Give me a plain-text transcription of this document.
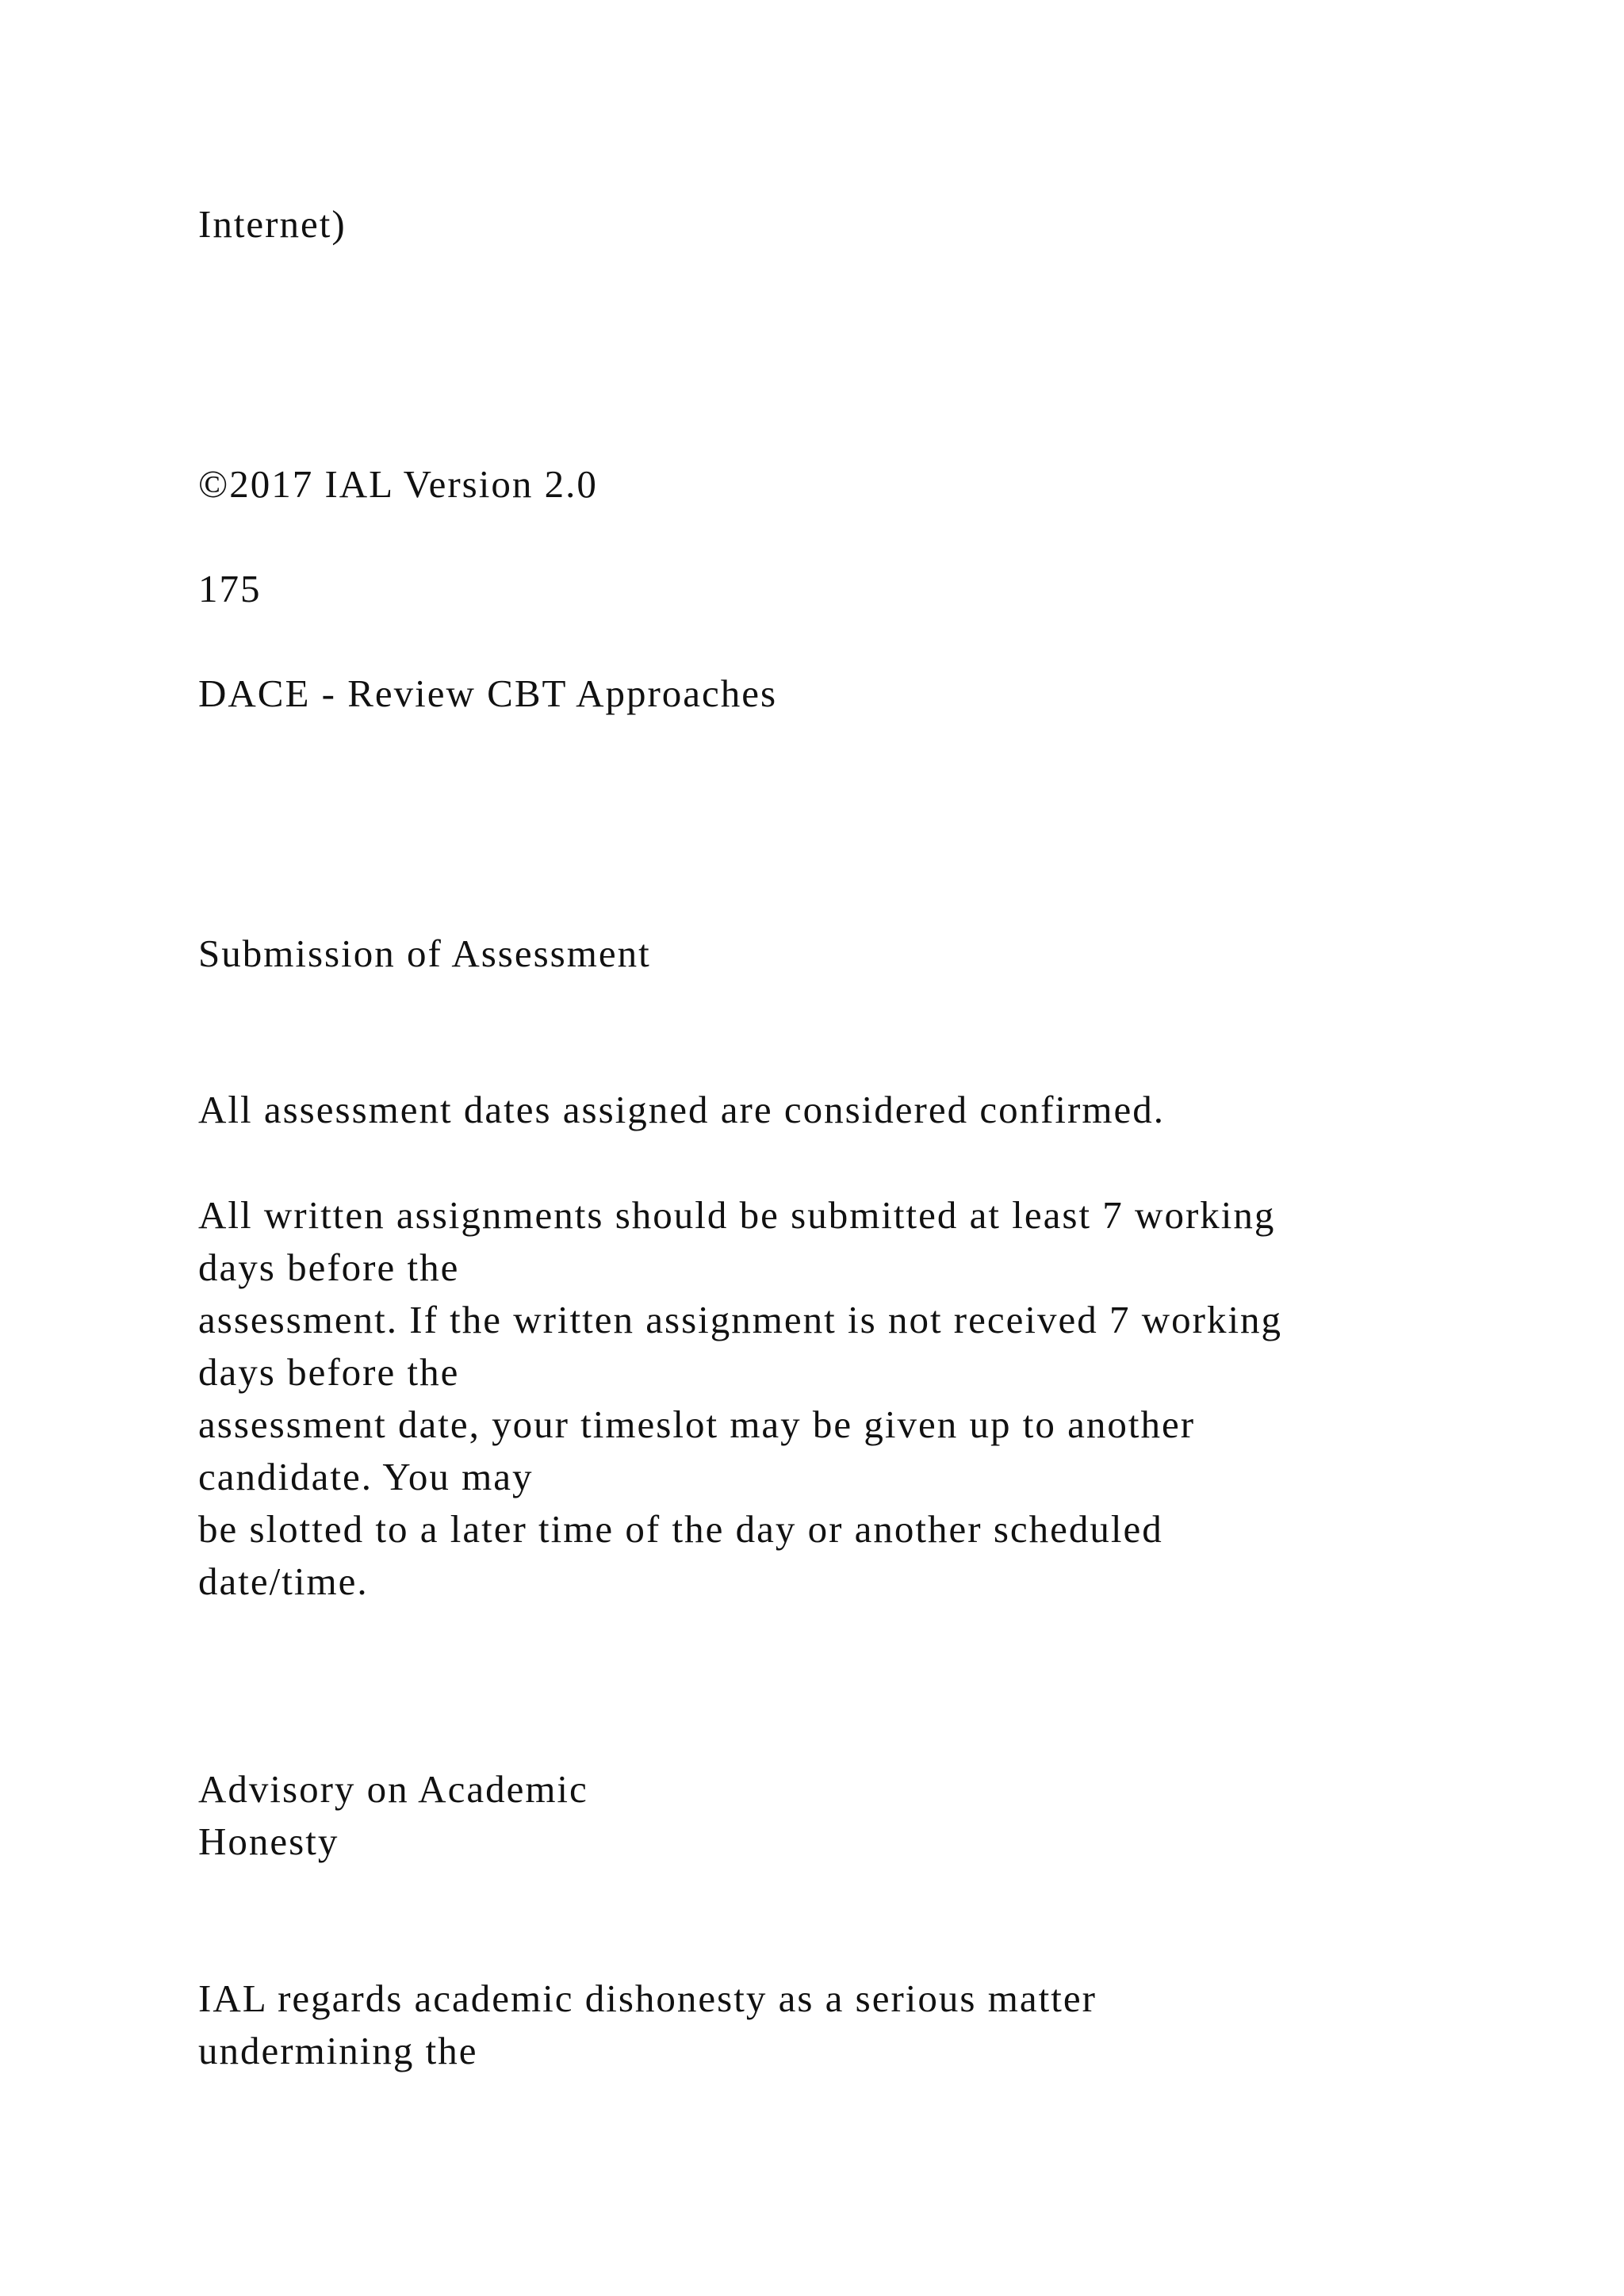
Internet)

©2017 IAL Version 2.0

175

DACE - Review CBT Approaches

Submission of Assessment

All assessment dates assigned are considered confirmed.

All written assignments should be submitted at least 7 working

days before the

assessment. If the written assignment is not received 7 working

days before the

assessment date, your timeslot may be given up to another

candidate. You may

be slotted to a later time of the day or another scheduled

date/time.

Advisory on Academic

Honesty

IAL regards academic dishonesty as a serious matter

undermining the
